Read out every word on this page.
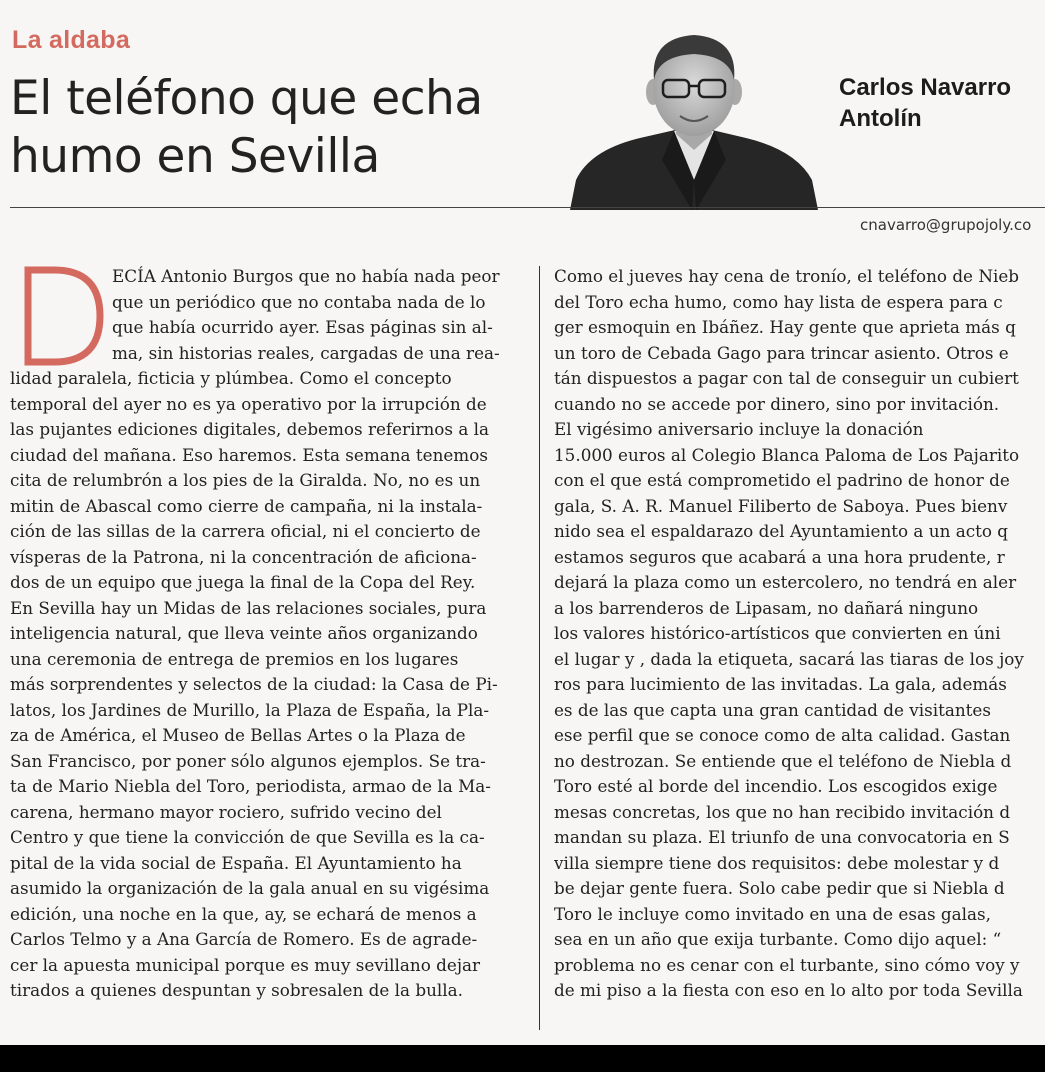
La aldaba
El teléfono que echa humo en Sevilla
Carlos Navarro
Antolín
cnavarro@grupojoly.co
ECÍA Antonio Burgos que no había nada peor
que un periódico que no contaba nada de lo
que había ocurrido ayer. Esas páginas sin al-
ma, sin historias reales, cargadas de una rea-
lidad paralela, ficticia y plúmbea. Como el concepto
temporal del ayer no es ya operativo por la irrupción de
las pujantes ediciones digitales, debemos referirnos a la
ciudad del mañana. Eso haremos. Esta semana tenemos
cita de relumbrón a los pies de la Giralda. No, no es un
mitin de Abascal como cierre de campaña, ni la instala-
ción de las sillas de la carrera oficial, ni el concierto de
vísperas de la Patrona, ni la concentración de aficiona-
dos de un equipo que juega la final de la Copa del Rey.
En Sevilla hay un Midas de las relaciones sociales, pura
inteligencia natural, que lleva veinte años organizando
una ceremonia de entrega de premios en los lugares
más sorprendentes y selectos de la ciudad: la Casa de Pi-
latos, los Jardines de Murillo, la Plaza de España, la Pla-
za de América, el Museo de Bellas Artes o la Plaza de
San Francisco, por poner sólo algunos ejemplos. Se tra-
ta de Mario Niebla del Toro, periodista, armao de la Ma-
carena, hermano mayor rociero, sufrido vecino del
Centro y que tiene la convicción de que Sevilla es la ca-
pital de la vida social de España. El Ayuntamiento ha
asumido la organización de la gala anual en su vigésima
edición, una noche en la que, ay, se echará de menos a
Carlos Telmo y a Ana García de Romero. Es de agrade-
cer la apuesta municipal porque es muy sevillano dejar
tirados a quienes despuntan y sobresalen de la bulla.
Como el jueves hay cena de tronío, el teléfono de Nieb
del Toro echa humo, como hay lista de espera para c
ger esmoquin en Ibáñez. Hay gente que aprieta más q
un toro de Cebada Gago para trincar asiento. Otros e
tán dispuestos a pagar con tal de conseguir un cubiert
cuando no se accede por dinero, sino por invitación.
El vigésimo aniversario incluye la donación
15.000 euros al Colegio Blanca Paloma de Los Pajarito
con el que está comprometido el padrino de honor de
gala, S. A. R. Manuel Filiberto de Saboya. Pues bienv
nido sea el espaldarazo del Ayuntamiento a un acto q
estamos seguros que acabará a una hora prudente, r
dejará la plaza como un estercolero, no tendrá en aler
a los barrenderos de Lipasam, no dañará ninguno
los valores histórico-artísticos que convierten en úni
el lugar y , dada la etiqueta, sacará las tiaras de los joy
ros para lucimiento de las invitadas. La gala, además
es de las que capta una gran cantidad de visitantes
ese perfil que se conoce como de alta calidad. Gastan
no destrozan. Se entiende que el teléfono de Niebla d
Toro esté al borde del incendio. Los escogidos exige
mesas concretas, los que no han recibido invitación d
mandan su plaza. El triunfo de una convocatoria en S
villa siempre tiene dos requisitos: debe molestar y d
be dejar gente fuera. Solo cabe pedir que si Niebla d
Toro le incluye como invitado en una de esas galas,
sea en un año que exija turbante. Como dijo aquel: “
problema no es cenar con el turbante, sino cómo voy y
de mi piso a la fiesta con eso en lo alto por toda Sevilla
